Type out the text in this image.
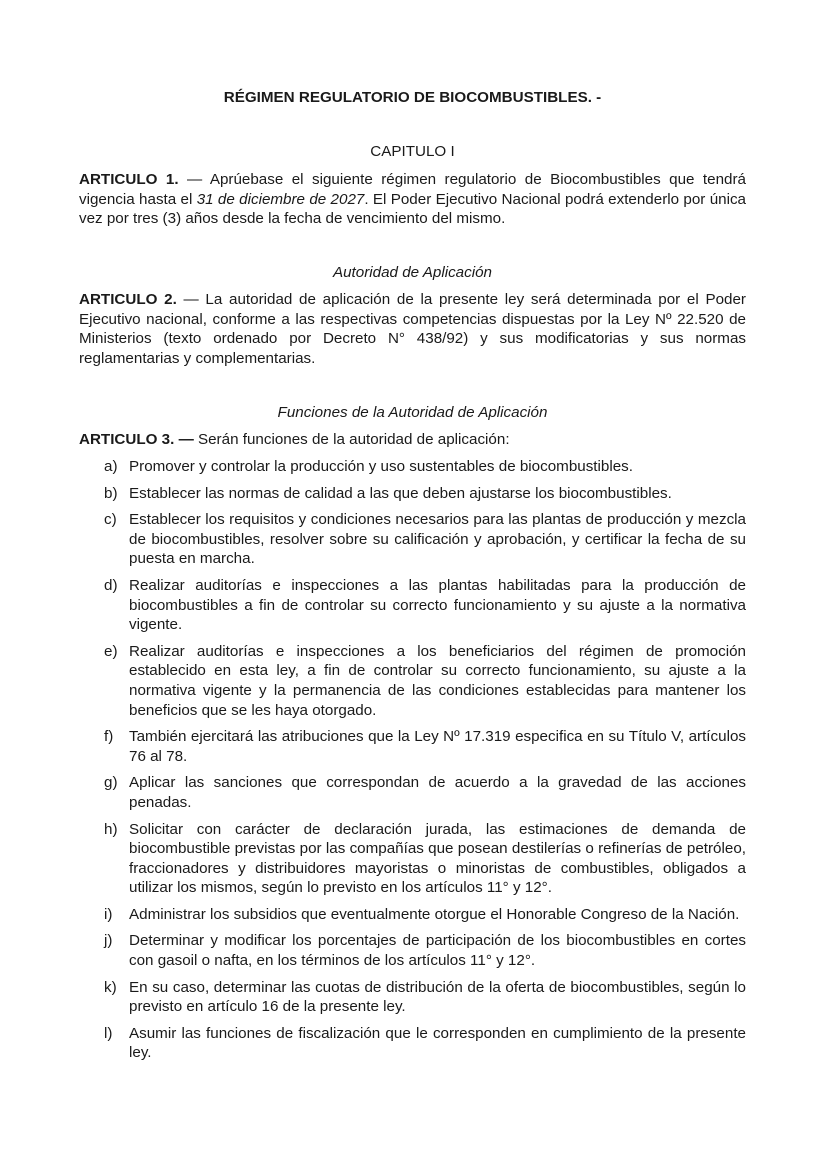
RÉGIMEN REGULATORIO DE BIOCOMBUSTIBLES. -
CAPITULO I
ARTICULO 1. — Aprúebase el siguiente régimen regulatorio de Biocombustibles que tendrá vigencia hasta el 31 de diciembre de 2027. El Poder Ejecutivo Nacional podrá extenderlo por única vez por tres (3) años desde la fecha de vencimiento del mismo.
Autoridad de Aplicación
ARTICULO 2. — La autoridad de aplicación de la presente ley será determinada por el Poder Ejecutivo nacional, conforme a las respectivas competencias dispuestas por la Ley Nº 22.520 de Ministerios (texto ordenado por Decreto N° 438/92) y sus modificatorias y sus normas reglamentarias y complementarias.
Funciones de la Autoridad de Aplicación
ARTICULO 3. — Serán funciones de la autoridad de aplicación:
a) Promover y controlar la producción y uso sustentables de biocombustibles.
b) Establecer las normas de calidad a las que deben ajustarse los biocombustibles.
c) Establecer los requisitos y condiciones necesarios para las plantas de producción y mezcla de biocombustibles, resolver sobre su calificación y aprobación, y certificar la fecha de su puesta en marcha.
d) Realizar auditorías e inspecciones a las plantas habilitadas para la producción de biocombustibles a fin de controlar su correcto funcionamiento y su ajuste a la normativa vigente.
e) Realizar auditorías e inspecciones a los beneficiarios del régimen de promoción establecido en esta ley, a fin de controlar su correcto funcionamiento, su ajuste a la normativa vigente y la permanencia de las condiciones establecidas para mantener los beneficios que se les haya otorgado.
f) También ejercitará las atribuciones que la Ley Nº 17.319 especifica en su Título V, artículos 76 al 78.
g) Aplicar las sanciones que correspondan de acuerdo a la gravedad de las acciones penadas.
h) Solicitar con carácter de declaración jurada, las estimaciones de demanda de biocombustible previstas por las compañías que posean destilerías o refinerías de petróleo, fraccionadores y distribuidores mayoristas o minoristas de combustibles, obligados a utilizar los mismos, según lo previsto en los artículos 11° y 12°.
i) Administrar los subsidios que eventualmente otorgue el Honorable Congreso de la Nación.
j) Determinar y modificar los porcentajes de participación de los biocombustibles en cortes con gasoil o nafta, en los términos de los artículos 11° y 12°.
k) En su caso, determinar las cuotas de distribución de la oferta de biocombustibles, según lo previsto en artículo 16 de la presente ley.
l) Asumir las funciones de fiscalización que le corresponden en cumplimiento de la presente ley.
